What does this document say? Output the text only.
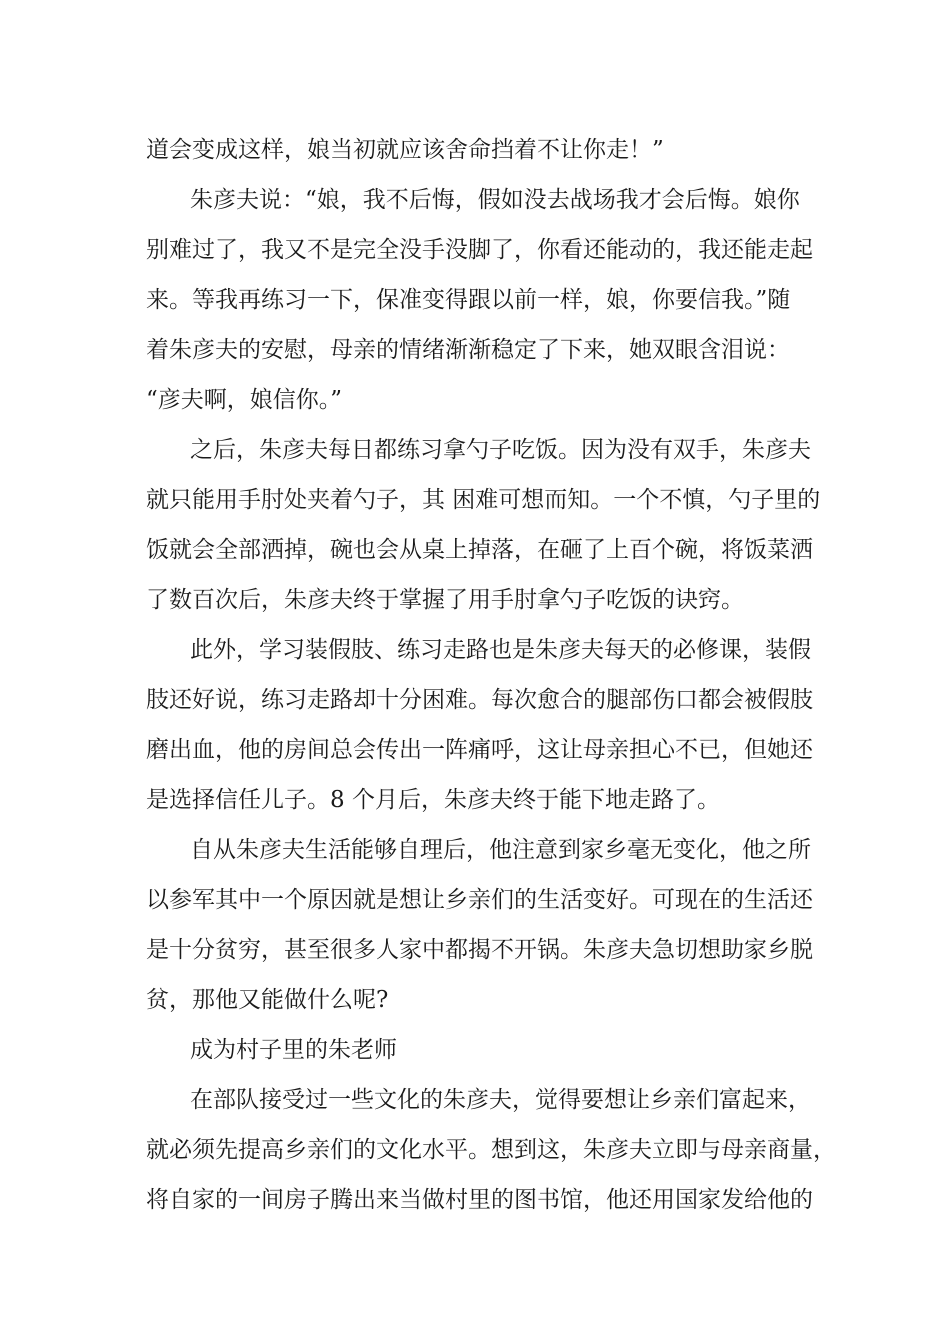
道会变成这样，娘当初就应该舍命挡着不让你走！”
朱彦夫说：“娘，我不后悔，假如没去战场我才会后悔。娘你
别难过了，我又不是完全没手没脚了，你看还能动的，我还能走起
来。等我再练习一下，保准变得跟以前一样，娘，你要信我。”随
着朱彦夫的安慰，母亲的情绪渐渐稳定了下来，她双眼含泪说：
“彦夫啊，娘信你。”
之后，朱彦夫每日都练习拿勺子吃饭。因为没有双手，朱彦夫
就只能用手肘处夹着勺子，其 困难可想而知。一个不慎，勺子里的
饭就会全部洒掉，碗也会从桌上掉落，在砸了上百个碗，将饭菜洒
了数百次后，朱彦夫终于掌握了用手肘拿勺子吃饭的诀窍。
此外，学习装假肢、练习走路也是朱彦夫每天的必修课，装假
肢还好说，练习走路却十分困难。每次愈合的腿部伤口都会被假肢
磨出血，他的房间总会传出一阵痛呼，这让母亲担心不已，但她还
是选择信任儿子。8 个月后，朱彦夫终于能下地走路了。
自从朱彦夫生活能够自理后，他注意到家乡毫无变化，他之所
以参军其中一个原因就是想让乡亲们的生活变好。可现在的生活还
是十分贫穷，甚至很多人家中都揭不开锅。朱彦夫急切想助家乡脱
贫，那他又能做什么呢?
成为村子里的朱老师
在部队接受过一些文化的朱彦夫，觉得要想让乡亲们富起来，
就必须先提高乡亲们的文化水平。想到这，朱彦夫立即与母亲商量，
将自家的一间房子腾出来当做村里的图书馆，他还用国家发给他的
